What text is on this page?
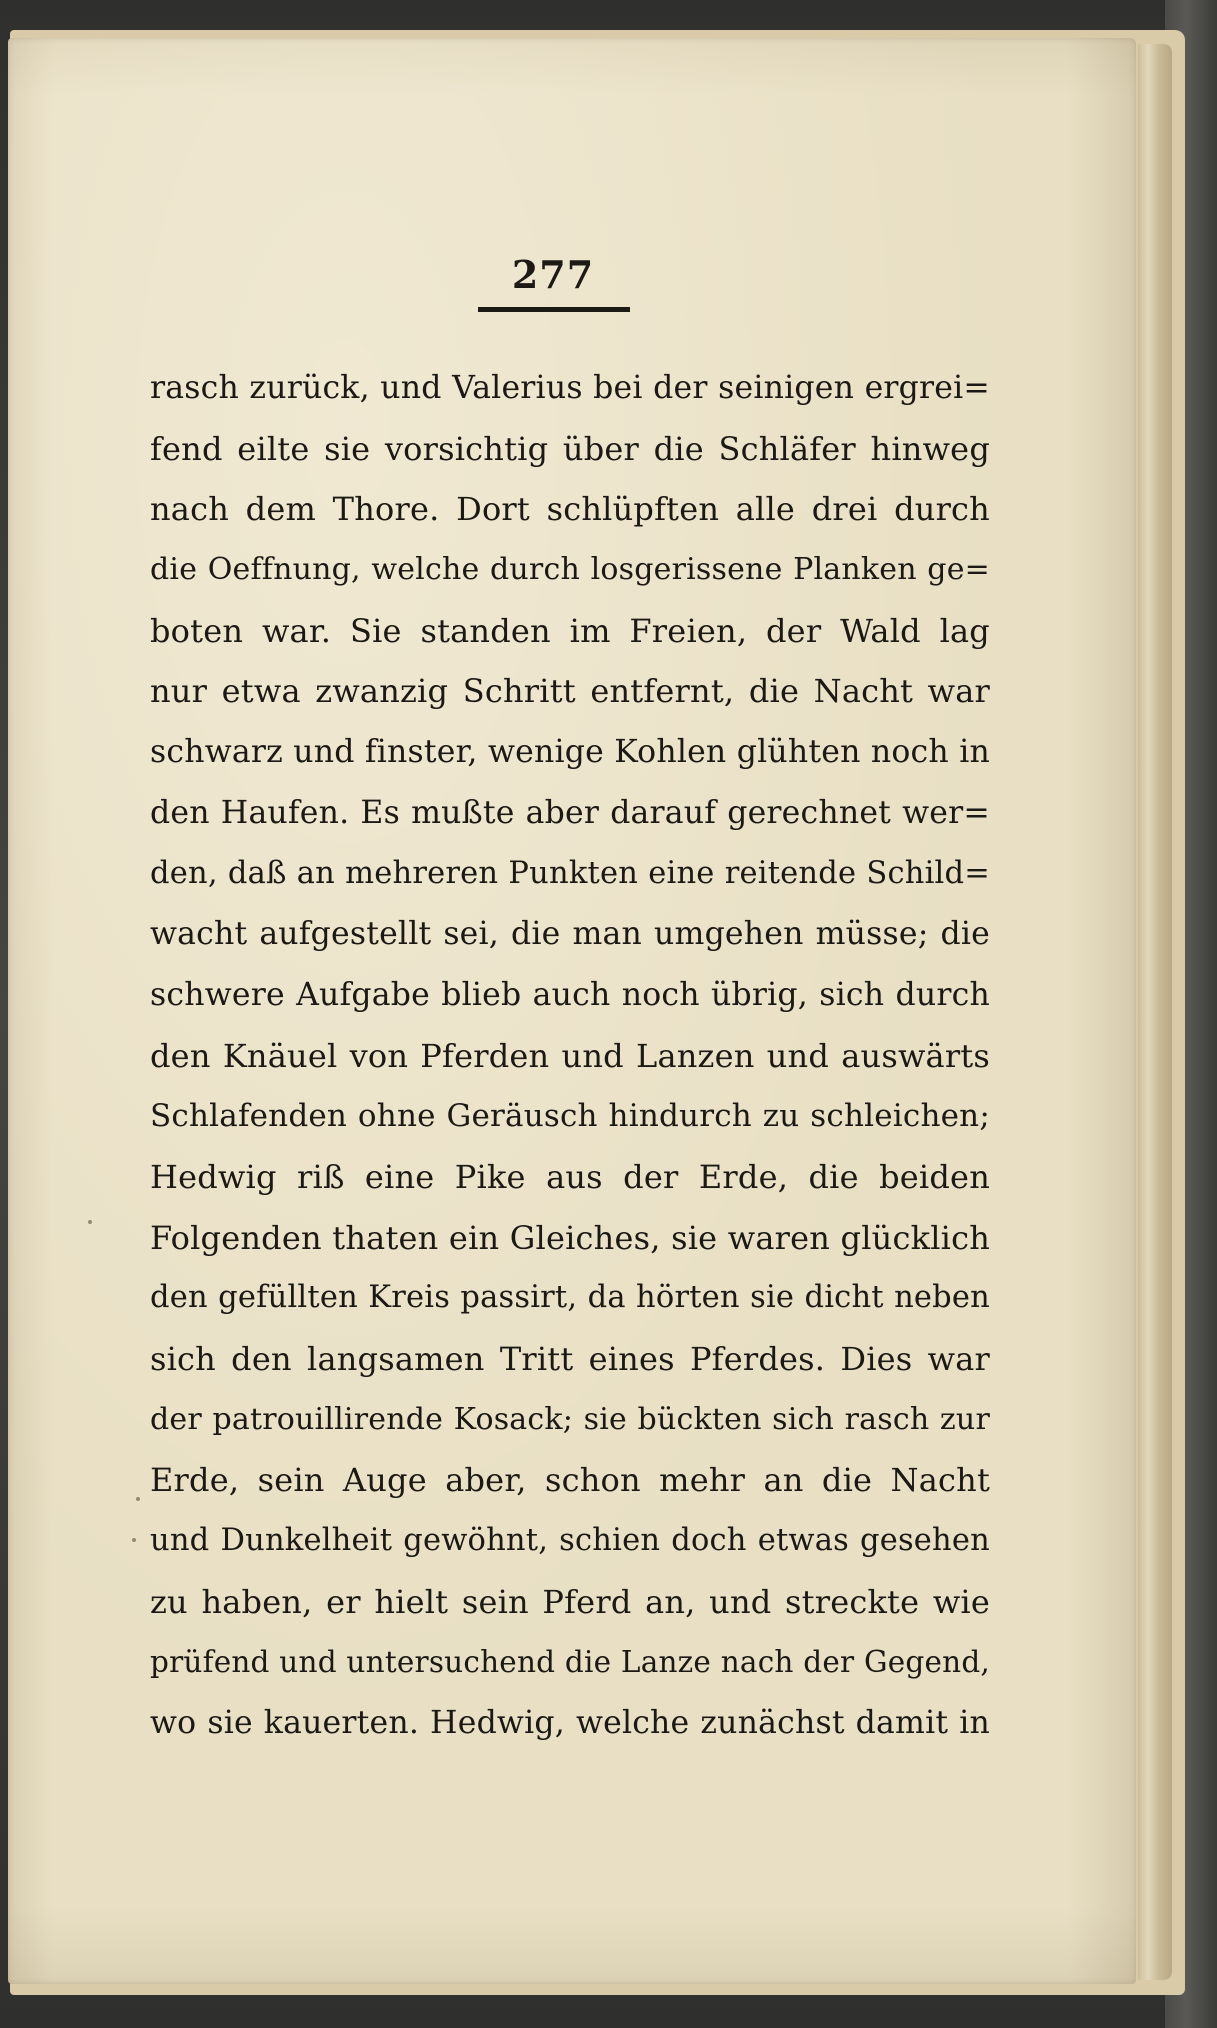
277
rasch zurück, und Valerius bei der seinigen ergrei=
fend eilte sie vorsichtig über die Schläfer hinweg
nach dem Thore. Dort schlüpften alle drei durch
die Oeffnung, welche durch losgerissene Planken ge=
boten war. Sie standen im Freien, der Wald lag
nur etwa zwanzig Schritt entfernt, die Nacht war
schwarz und finster, wenige Kohlen glühten noch in
den Haufen. Es mußte aber darauf gerechnet wer=
den, daß an mehreren Punkten eine reitende Schild=
wacht aufgestellt sei, die man umgehen müsse; die
schwere Aufgabe blieb auch noch übrig, sich durch
den Knäuel von Pferden und Lanzen und auswärts
Schlafenden ohne Geräusch hindurch zu schleichen;
Hedwig riß eine Pike aus der Erde, die beiden
Folgenden thaten ein Gleiches, sie waren glücklich
den gefüllten Kreis passirt, da hörten sie dicht neben
sich den langsamen Tritt eines Pferdes. Dies war
der patrouillirende Kosack; sie bückten sich rasch zur
Erde, sein Auge aber, schon mehr an die Nacht
und Dunkelheit gewöhnt, schien doch etwas gesehen
zu haben, er hielt sein Pferd an, und streckte wie
prüfend und untersuchend die Lanze nach der Gegend,
wo sie kauerten. Hedwig, welche zunächst damit in
